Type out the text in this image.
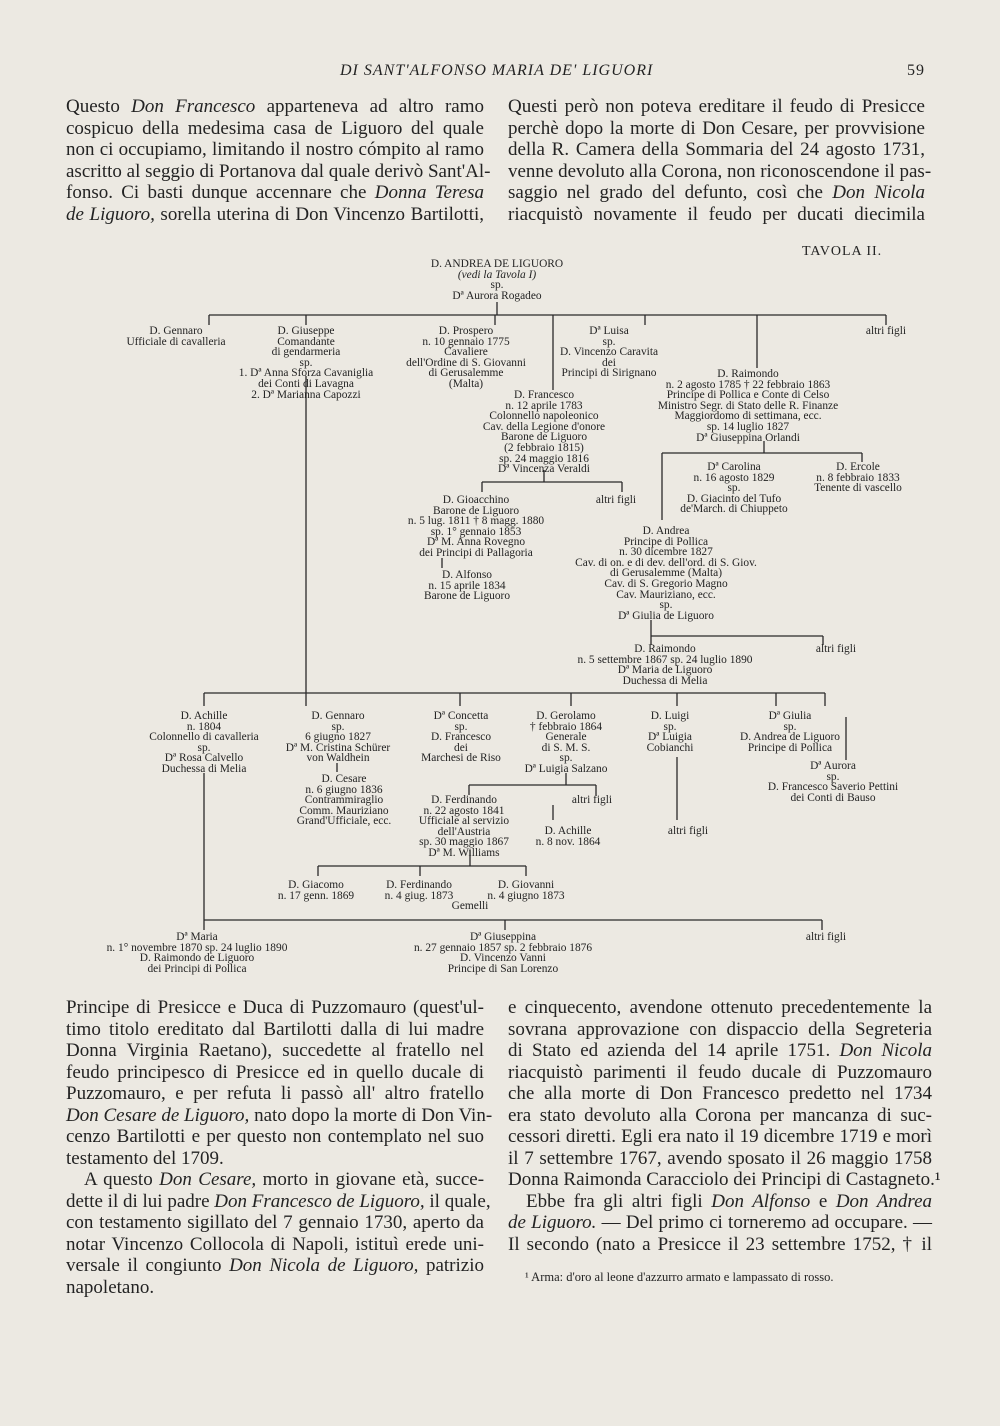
DI SANT'ALFONSO MARIA DE' LIGUORI	59
Questo Don Francesco apparteneva ad altro ramo
cospicuo della medesima casa de Liguoro del quale
non ci occupiamo, limitando il nostro cómpito al ramo
ascritto al seggio di Portanova dal quale derivò Sant'Al-
fonso. Ci basti dunque accennare che Donna Teresa
de Liguoro, sorella uterina di Don Vincenzo Bartilotti,
Questi però non poteva ereditare il feudo di Presicce
perchè dopo la morte di Don Cesare, per provvisione
della R. Camera della Sommaria del 24 agosto 1731,
venne devoluto alla Corona, non riconoscendone il pas-
saggio nel grado del defunto, così che Don Nicola
riacquistò novamente il feudo per ducati diecimila
TAVOLA II.
D. ANDREA DE LIGUORO
(vedi la Tavola I)
sp.
Dª Aurora Rogadeo
D. Gennaro
Ufficiale di cavalleria
D. Giuseppe
Comandante
di gendarmeria
sp.
1. Dª Anna Sforza Cavaniglia
dei Conti di Lavagna
2. Dª Marianna Capozzi
D. Prospero
n. 10 gennaio 1775
Cavaliere
dell'Ordine di S. Giovanni
di Gerusalemme
(Malta)
Dª Luisa
sp.
D. Vincenzo Caravita
dei
Principi di Sirignano
altri figli
D. Raimondo
n. 2 agosto 1785 † 22 febbraio 1863
Principe di Pollica e Conte di Celso
Ministro Segr. di Stato delle R. Finanze
Maggiordomo di settimana, ecc.
sp. 14 luglio 1827
Dª Giuseppina Orlandi
D. Francesco
n. 12 aprile 1783
Colonnello napoleonico
Cav. della Legione d'onore
Barone de Liguoro
(2 febbraio 1815)
sp. 24 maggio 1816
Dª Vincenza Veraldi	Dª Carolina
n. 16 agosto 1829
sp.
D. Giacinto del Tufo
de'March. di Chiuppeto
D. Ercole
n. 8 febbraio 1833
Tenente di vascello
D. Gioacchino
Barone de Liguoro
n. 5 lug. 1811 † 8 magg. 1880
sp. 1° gennaio 1853
Dª M. Anna Rovegno
dei Principi di Pallagoria
altri figli
D. Andrea
Principe di Pollica
n. 30 dicembre 1827
Cav. di on. e di dev. dell'ord. di S. Giov.
di Gerusalemme (Malta)
Cav. di S. Gregorio Magno
Cav. Mauriziano, ecc.
sp.
Dª Giulia de Liguoro
D. Alfonso
n. 15 aprile 1834
Barone de Liguoro
D. Raimondo
n. 5 settembre 1867 sp. 24 luglio 1890
Dª Maria de Liguoro
Duchessa di Melia
altri figli
D. Achille
n. 1804
Colonnello di cavalleria
sp.
Dª Rosa Calvello
Duchessa di Melia
D. Gennaro
sp.
6 giugno 1827
Dª M. Cristina Schürer
von Waldhein
Dª Concetta
sp.
D. Francesco
dei
Marchesi de Riso
D. Gerolamo
† febbraio 1864
Generale
di S. M. S.
sp.
Dª Luigia Salzano
D. Luigi
sp.
Dª Luigia
Cobianchi
Dª Giulia
sp.
D. Andrea de Liguoro
Principe di Pollica
Dª Aurora
sp.
D. Francesco Saverio Pettini
dei Conti di Bauso
D. Cesare
n. 6 giugno 1836
Contrammiraglio
Comm. Mauriziano
Grand'Ufficiale, ecc.
D. Ferdinando
n. 22 agosto 1841
Ufficiale al servizio
dell'Austria
sp. 30 maggio 1867
Dª M. Williams
altri figli
D. Achille
n. 8 nov. 1864
altri figli
D. Giacomo
n. 17 genn. 1869
D. Ferdinando
n. 4 giug. 1873
D. Giovanni
n. 4 giugno 1873
Gemelli
Dª Maria
n. 1° novembre 1870 sp. 24 luglio 1890
D. Raimondo de Liguoro
dei Principi di Pollica
Dª Giuseppina
n. 27 gennaio 1857 sp. 2 febbraio 1876
D. Vincenzo Vanni
Principe di San Lorenzo
altri figli
Principe di Presicce e Duca di Puzzomauro (quest'ul-
timo titolo ereditato dal Bartilotti dalla di lui madre
Donna Virginia Raetano), succedette al fratello nel
feudo principesco di Presicce ed in quello ducale di
Puzzomauro, e per refuta li passò all' altro fratello
Don Cesare de Liguoro, nato dopo la morte di Don Vin-
cenzo Bartilotti e per questo non contemplato nel suo
testamento del 1709.
A questo Don Cesare, morto in giovane età, succe-
dette il di lui padre Don Francesco de Liguoro, il quale,
con testamento sigillato del 7 gennaio 1730, aperto da
notar Vincenzo Collocola di Napoli, istituì erede uni-
versale il congiunto Don Nicola de Liguoro, patrizio
napoletano.
e cinquecento, avendone ottenuto precedentemente la
sovrana approvazione con dispaccio della Segreteria
di Stato ed azienda del 14 aprile 1751. Don Nicola
riacquistò parimenti il feudo ducale di Puzzomauro
che alla morte di Don Francesco predetto nel 1734
era stato devoluto alla Corona per mancanza di suc-
cessori diretti. Egli era nato il 19 dicembre 1719 e morì
il 7 settembre 1767, avendo sposato il 26 maggio 1758
Donna Raimonda Caracciolo dei Principi di Castagneto.¹
Ebbe fra gli altri figli Don Alfonso e Don Andrea
de Liguoro. — Del primo ci torneremo ad occupare. —
Il secondo (nato a Presicce il 23 settembre 1752, † il
¹ Arma: d'oro al leone d'azzurro armato e lampassato di rosso.
